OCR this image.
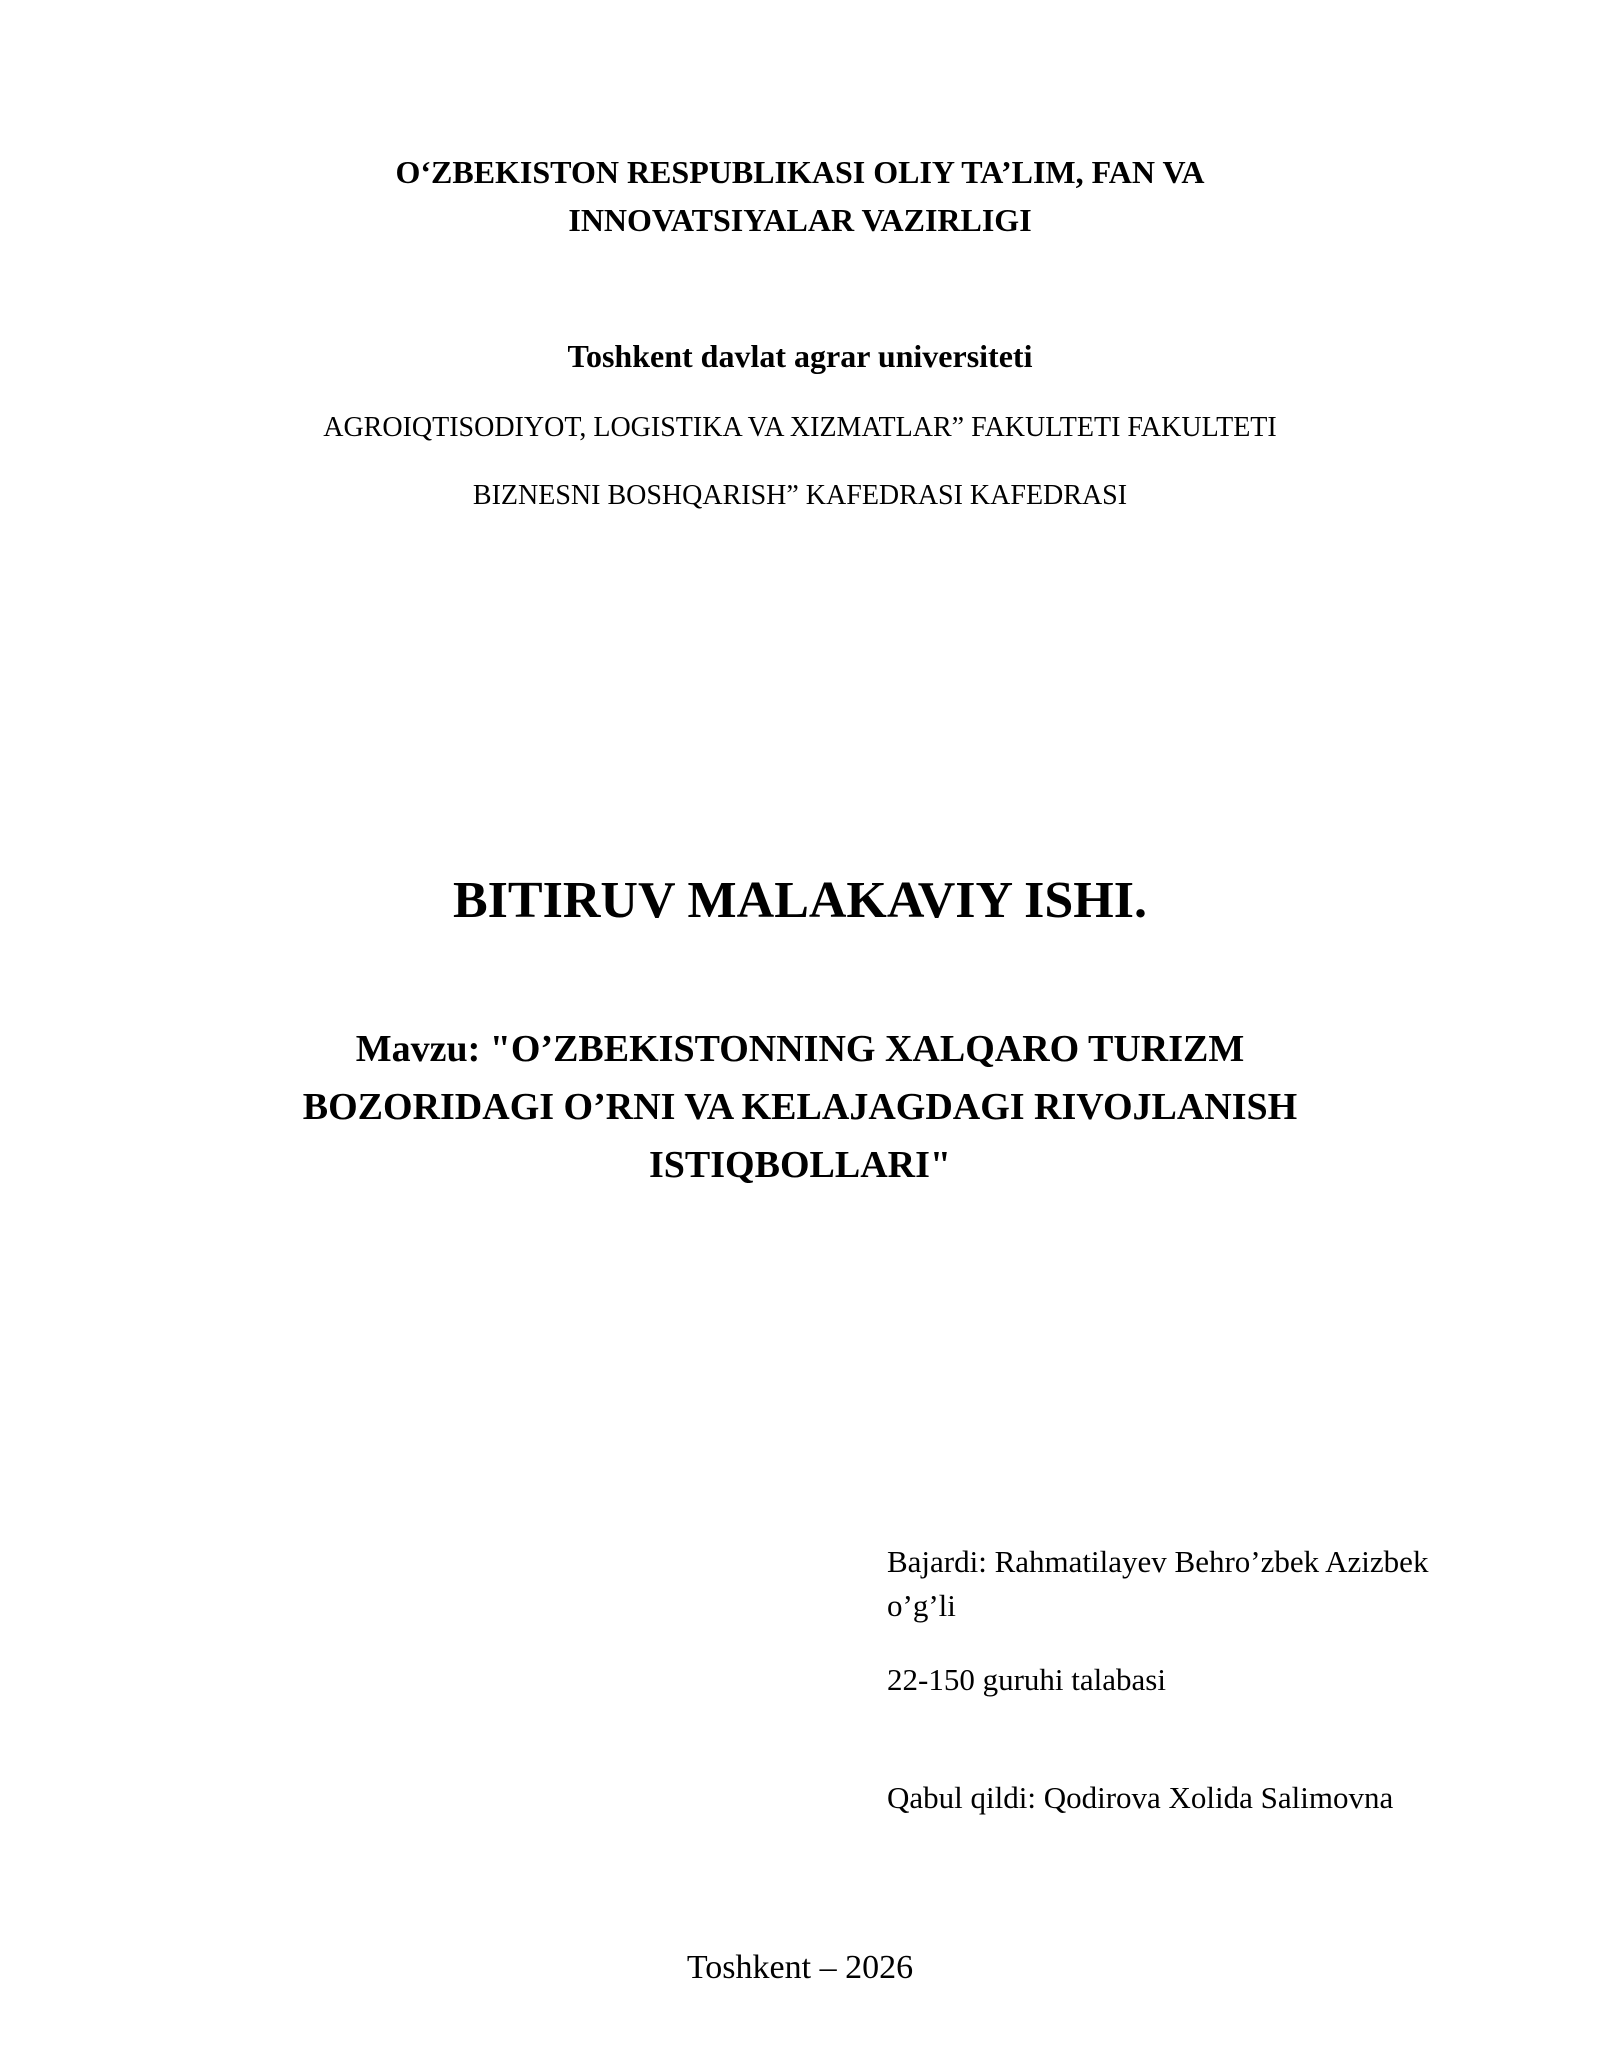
O‘ZBEKISTON RESPUBLIKASI OLIY TA’LIM, FAN VA
INNOVATSIYALAR VAZIRLIGI
Toshkent davlat agrar universiteti

AGROIQTISODIYOT, LOGISTIKA VA XIZMATLAR” FAKULTETI FAKULTETI

BIZNESNI BOSHQARISH” KAFEDRASI KAFEDRASI

BITIRUV MALAKAVIY ISHI.
Mavzu: "O’ZBEKISTONNING XALQARO TURIZM
BOZORIDAGI O’RNI VA KELAJAGDAGI RIVOJLANISH
ISTIQBOLLARI"
Bajardi: Rahmatilayev Behro’zbek Azizbek
o’g’li

22-150 guruhi talabasi

Qabul qildi: Qodirova Xolida Salimovna

Toshkent – 2026
